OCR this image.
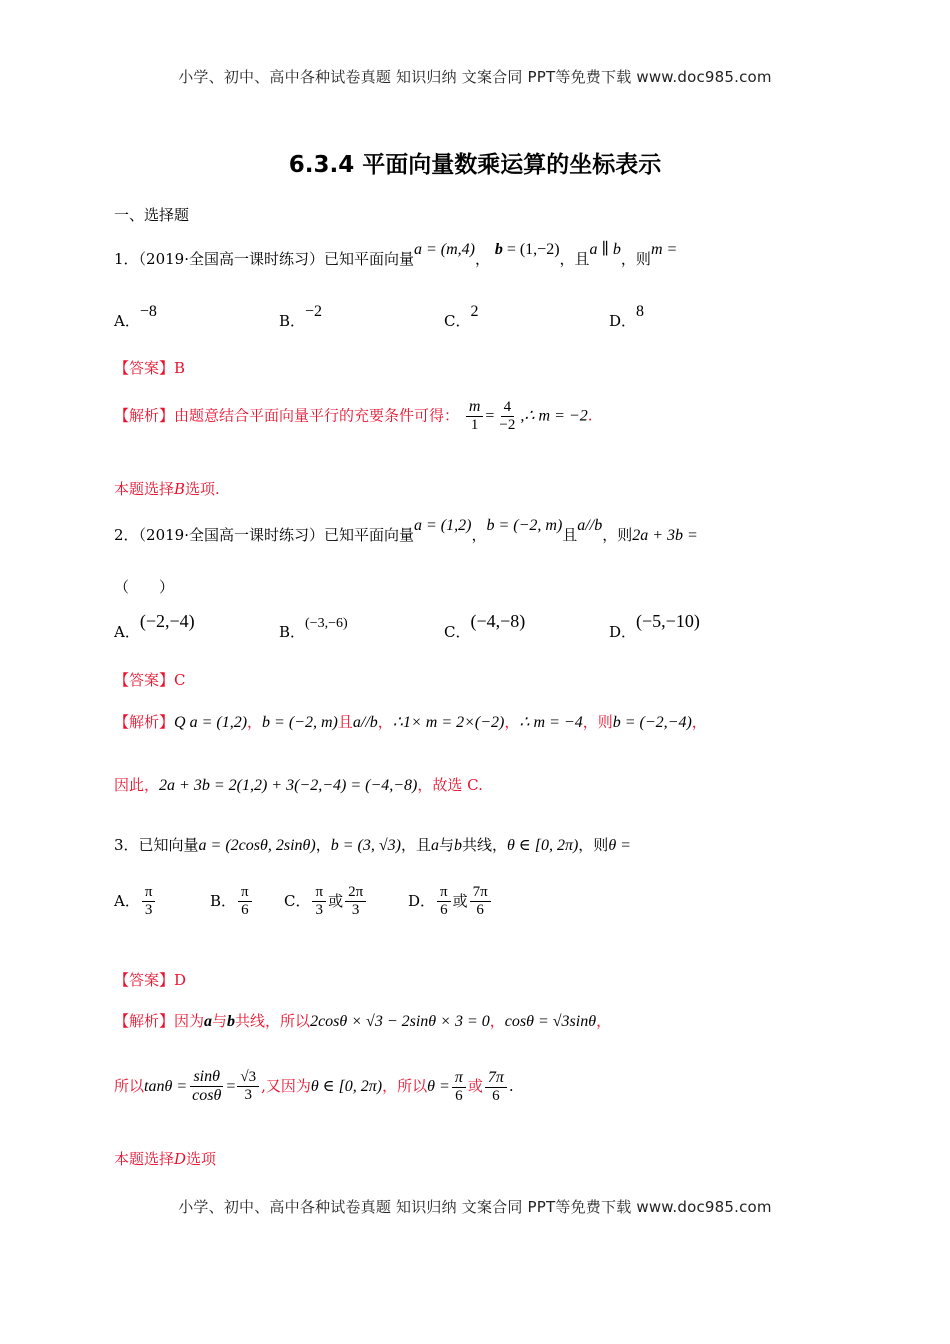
小学、初中、高中各种试卷真题 知识归纳 文案合同 PPT等免费下载 www.doc985.com
6.3.4 平面向量数乘运算的坐标表示
一、选择题
1．（2019·全国高一课时练习）已知平面向量a = (m,4)， b = (1,−2)，且a ∥ b，则m =
A．−8
B．−2
C．2
D．8
【答案】B
【解析】由题意结合平面向量平行的充要条件可得： $\frac{m}{1} = \frac{4}{-2}$ ,∴ m = −2.
本题选择B选项.
2．（2019·全国高一课时练习）已知平面向量a = (1,2)，b = (−2, m)且a//b，则2a + 3b =
（　　）
A．(−2,−4)
B．(−3,−6)	C．(−4,−8)
D．(−5,−10)
【答案】C
【解析】Q a = (1,2)，b = (−2, m)且a//b，∴1× m = 2×(−2)，∴ m = −4，则b = (−2,−4)，
因此，2a + 3b = 2(1,2) + 3(−2,−4) = (−4,−8)，故选 C.
3．已知向量a = (2cosθ, 2sinθ)，b = (3, √3)，且a与b共线，θ ∈ [0, 2π)，则θ =
A． $\frac{\pi}{3}$	B． $\frac{\pi}{6}$ C． $\frac{\pi}{3}$ 或 $\frac{2\pi}{3}$	D． $\frac{\pi}{6}$ 或 $\frac{7\pi}{6}$
【答案】D
【解析】因为a与b共线，所以2cosθ × √3 − 2sinθ × 3 = 0，cosθ = √3sinθ，
所以$\tan\theta = \frac{\sin\theta}{\cos\theta} = \frac{√3}{3}$ ,又因为θ ∈ [0, 2π)，所以$\theta = \frac{\pi}{6}$ 或 $\frac{7\pi}{6}$ .
本题选择D选项
小学、初中、高中各种试卷真题 知识归纳 文案合同 PPT等免费下载 www.doc985.com
